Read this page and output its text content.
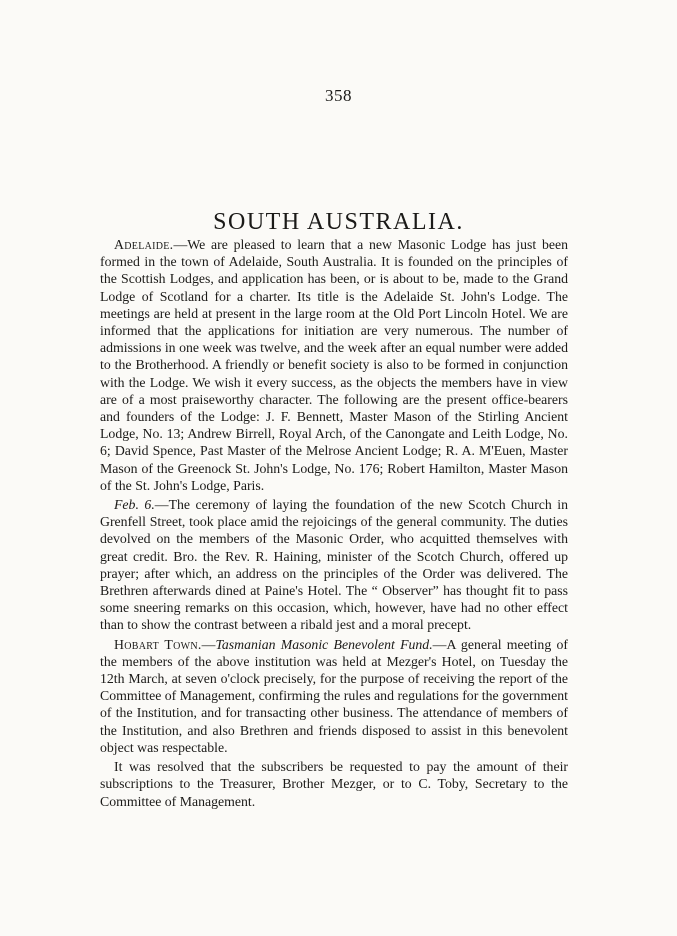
358
SOUTH AUSTRALIA.

Adelaide.—We are pleased to learn that a new Masonic Lodge has just been formed in the town of Adelaide, South Australia. It is founded on the principles of the Scottish Lodges, and application has been, or is about to be, made to the Grand Lodge of Scotland for a charter. Its title is the Adelaide St. John's Lodge. The meetings are held at present in the large room at the Old Port Lincoln Hotel. We are informed that the applications for initiation are very numerous. The number of admissions in one week was twelve, and the week after an equal number were added to the Brotherhood. A friendly or benefit society is also to be formed in conjunction with the Lodge. We wish it every success, as the objects the members have in view are of a most praiseworthy character. The following are the present office-bearers and founders of the Lodge: J. F. Bennett, Master Mason of the Stirling Ancient Lodge, No. 13; Andrew Birrell, Royal Arch, of the Canongate and Leith Lodge, No. 6; David Spence, Past Master of the Melrose Ancient Lodge; R. A. M'Euen, Master Mason of the Greenock St. John's Lodge, No. 176; Robert Hamilton, Master Mason of the St. John's Lodge, Paris.

Feb. 6.—The ceremony of laying the foundation of the new Scotch Church in Grenfell Street, took place amid the rejoicings of the general community. The duties devolved on the members of the Masonic Order, who acquitted themselves with great credit. Bro. the Rev. R. Haining, minister of the Scotch Church, offered up prayer; after which, an address on the principles of the Order was delivered. The Brethren afterwards dined at Paine's Hotel. The “ Observer” has thought fit to pass some sneering remarks on this occasion, which, however, have had no other effect than to show the contrast between a ribald jest and a moral precept.

Hobart Town.—Tasmanian Masonic Benevolent Fund.—A general meeting of the members of the above institution was held at Mezger's Hotel, on Tuesday the 12th March, at seven o'clock precisely, for the purpose of receiving the report of the Committee of Management, confirming the rules and regulations for the government of the Institution, and for transacting other business. The attendance of members of the Institution, and also Brethren and friends disposed to assist in this benevolent object was respectable.

It was resolved that the subscribers be requested to pay the amount of their subscriptions to the Treasurer, Brother Mezger, or to C. Toby, Secretary to the Committee of Management.
